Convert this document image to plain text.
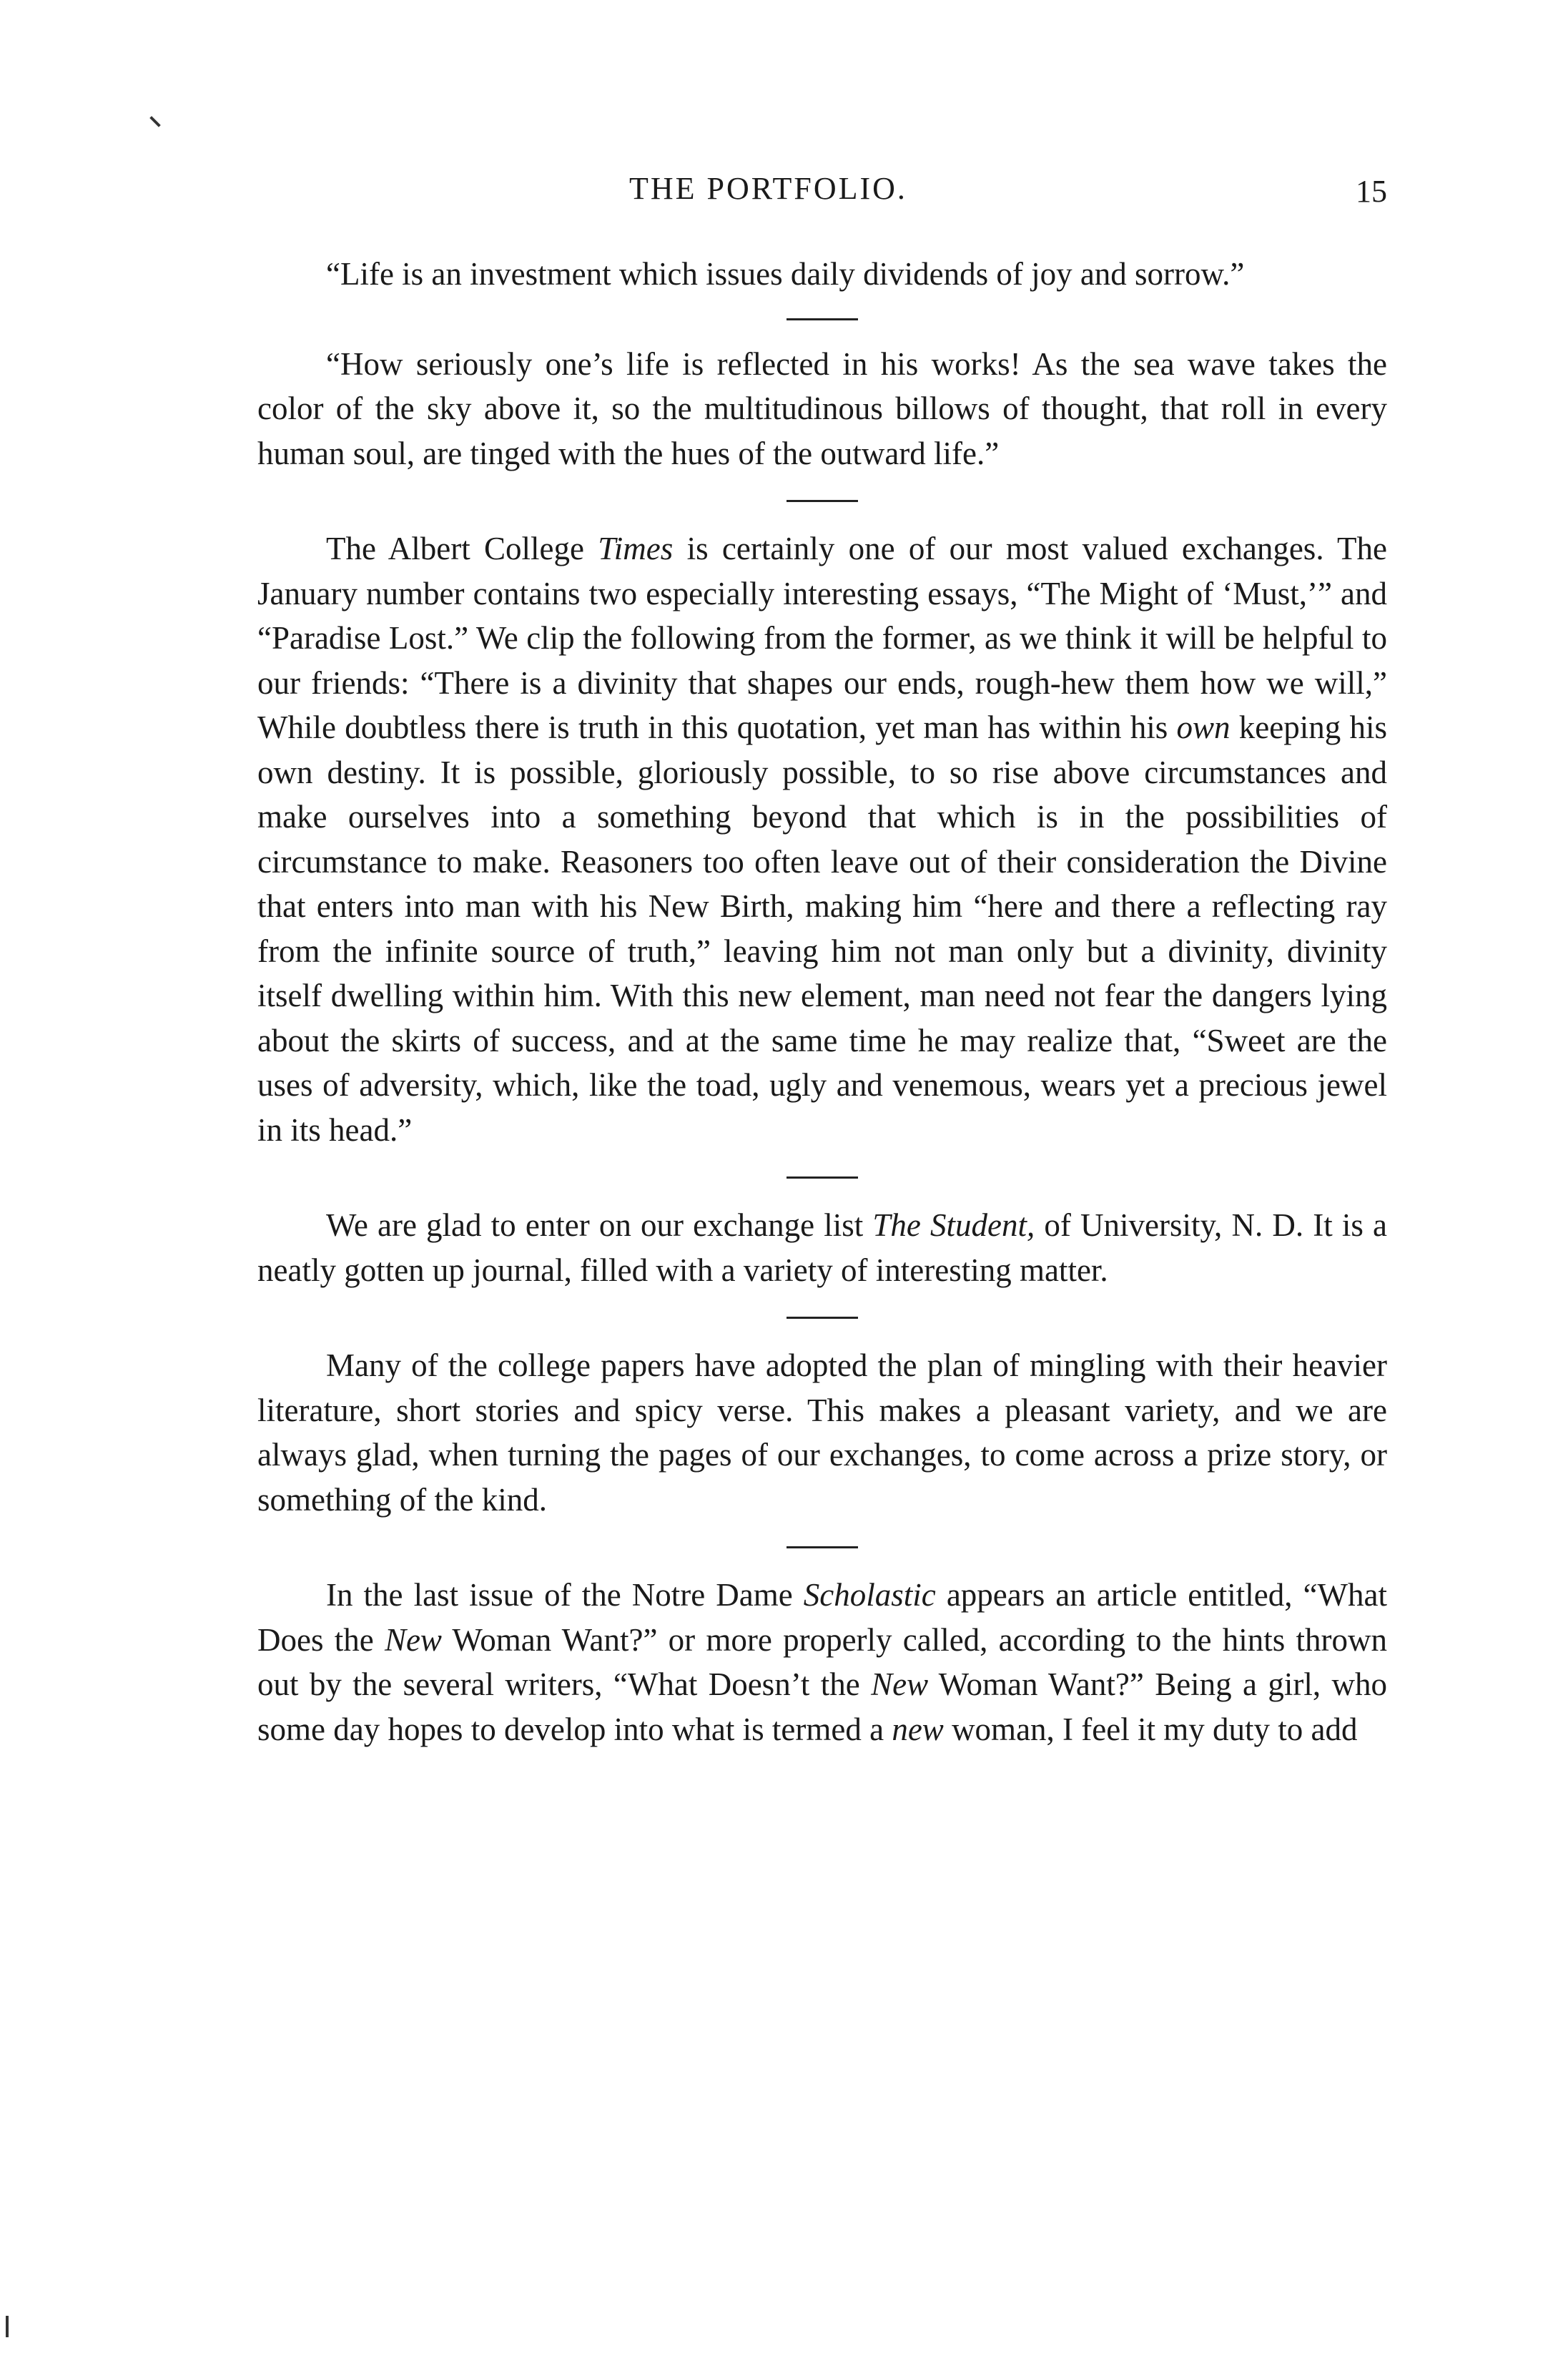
THE PORTFOLIO.	15

“Life is an investment which issues daily dividends of joy and sorrow.”

“How seriously one’s life is reflected in his works! As the sea wave takes the color of the sky above it, so the multitudinous billows of thought, that roll in every human soul, are tinged with the hues of the outward life.”

The Albert College Times is certainly one of our most valued exchanges. The January number contains two especially interesting essays, “The Might of ‘Must,’” and “Paradise Lost.” We clip the following from the former, as we think it will be helpful to our friends: “There is a divinity that shapes our ends, rough-hew them how we will,” While doubtless there is truth in this quotation, yet man has within his own keeping his own destiny. It is possible, gloriously possible, to so rise above circumstances and make ourselves into a something beyond that which is in the possibilities of circumstance to make. Reasoners too often leave out of their consideration the Divine that enters into man with his New Birth, making him “here and there a reflecting ray from the infinite source of truth,” leaving him not man only but a divinity, divinity itself dwelling within him. With this new element, man need not fear the dangers lying about the skirts of success, and at the same time he may realize that, “Sweet are the uses of adversity, which, like the toad, ugly and venemous, wears yet a precious jewel in its head.”

We are glad to enter on our exchange list The Student, of University, N. D. It is a neatly gotten up journal, filled with a variety of interesting matter.

Many of the college papers have adopted the plan of mingling with their heavier literature, short stories and spicy verse. This makes a pleasant variety, and we are always glad, when turning the pages of our exchanges, to come across a prize story, or something of the kind.

In the last issue of the Notre Dame Scholastic appears an article entitled, “What Does the New Woman Want?” or more properly called, according to the hints thrown out by the several writers, “What Doesn’t the New Woman Want?” Being a girl, who some day hopes to develop into what is termed a new woman, I feel it my duty to add
